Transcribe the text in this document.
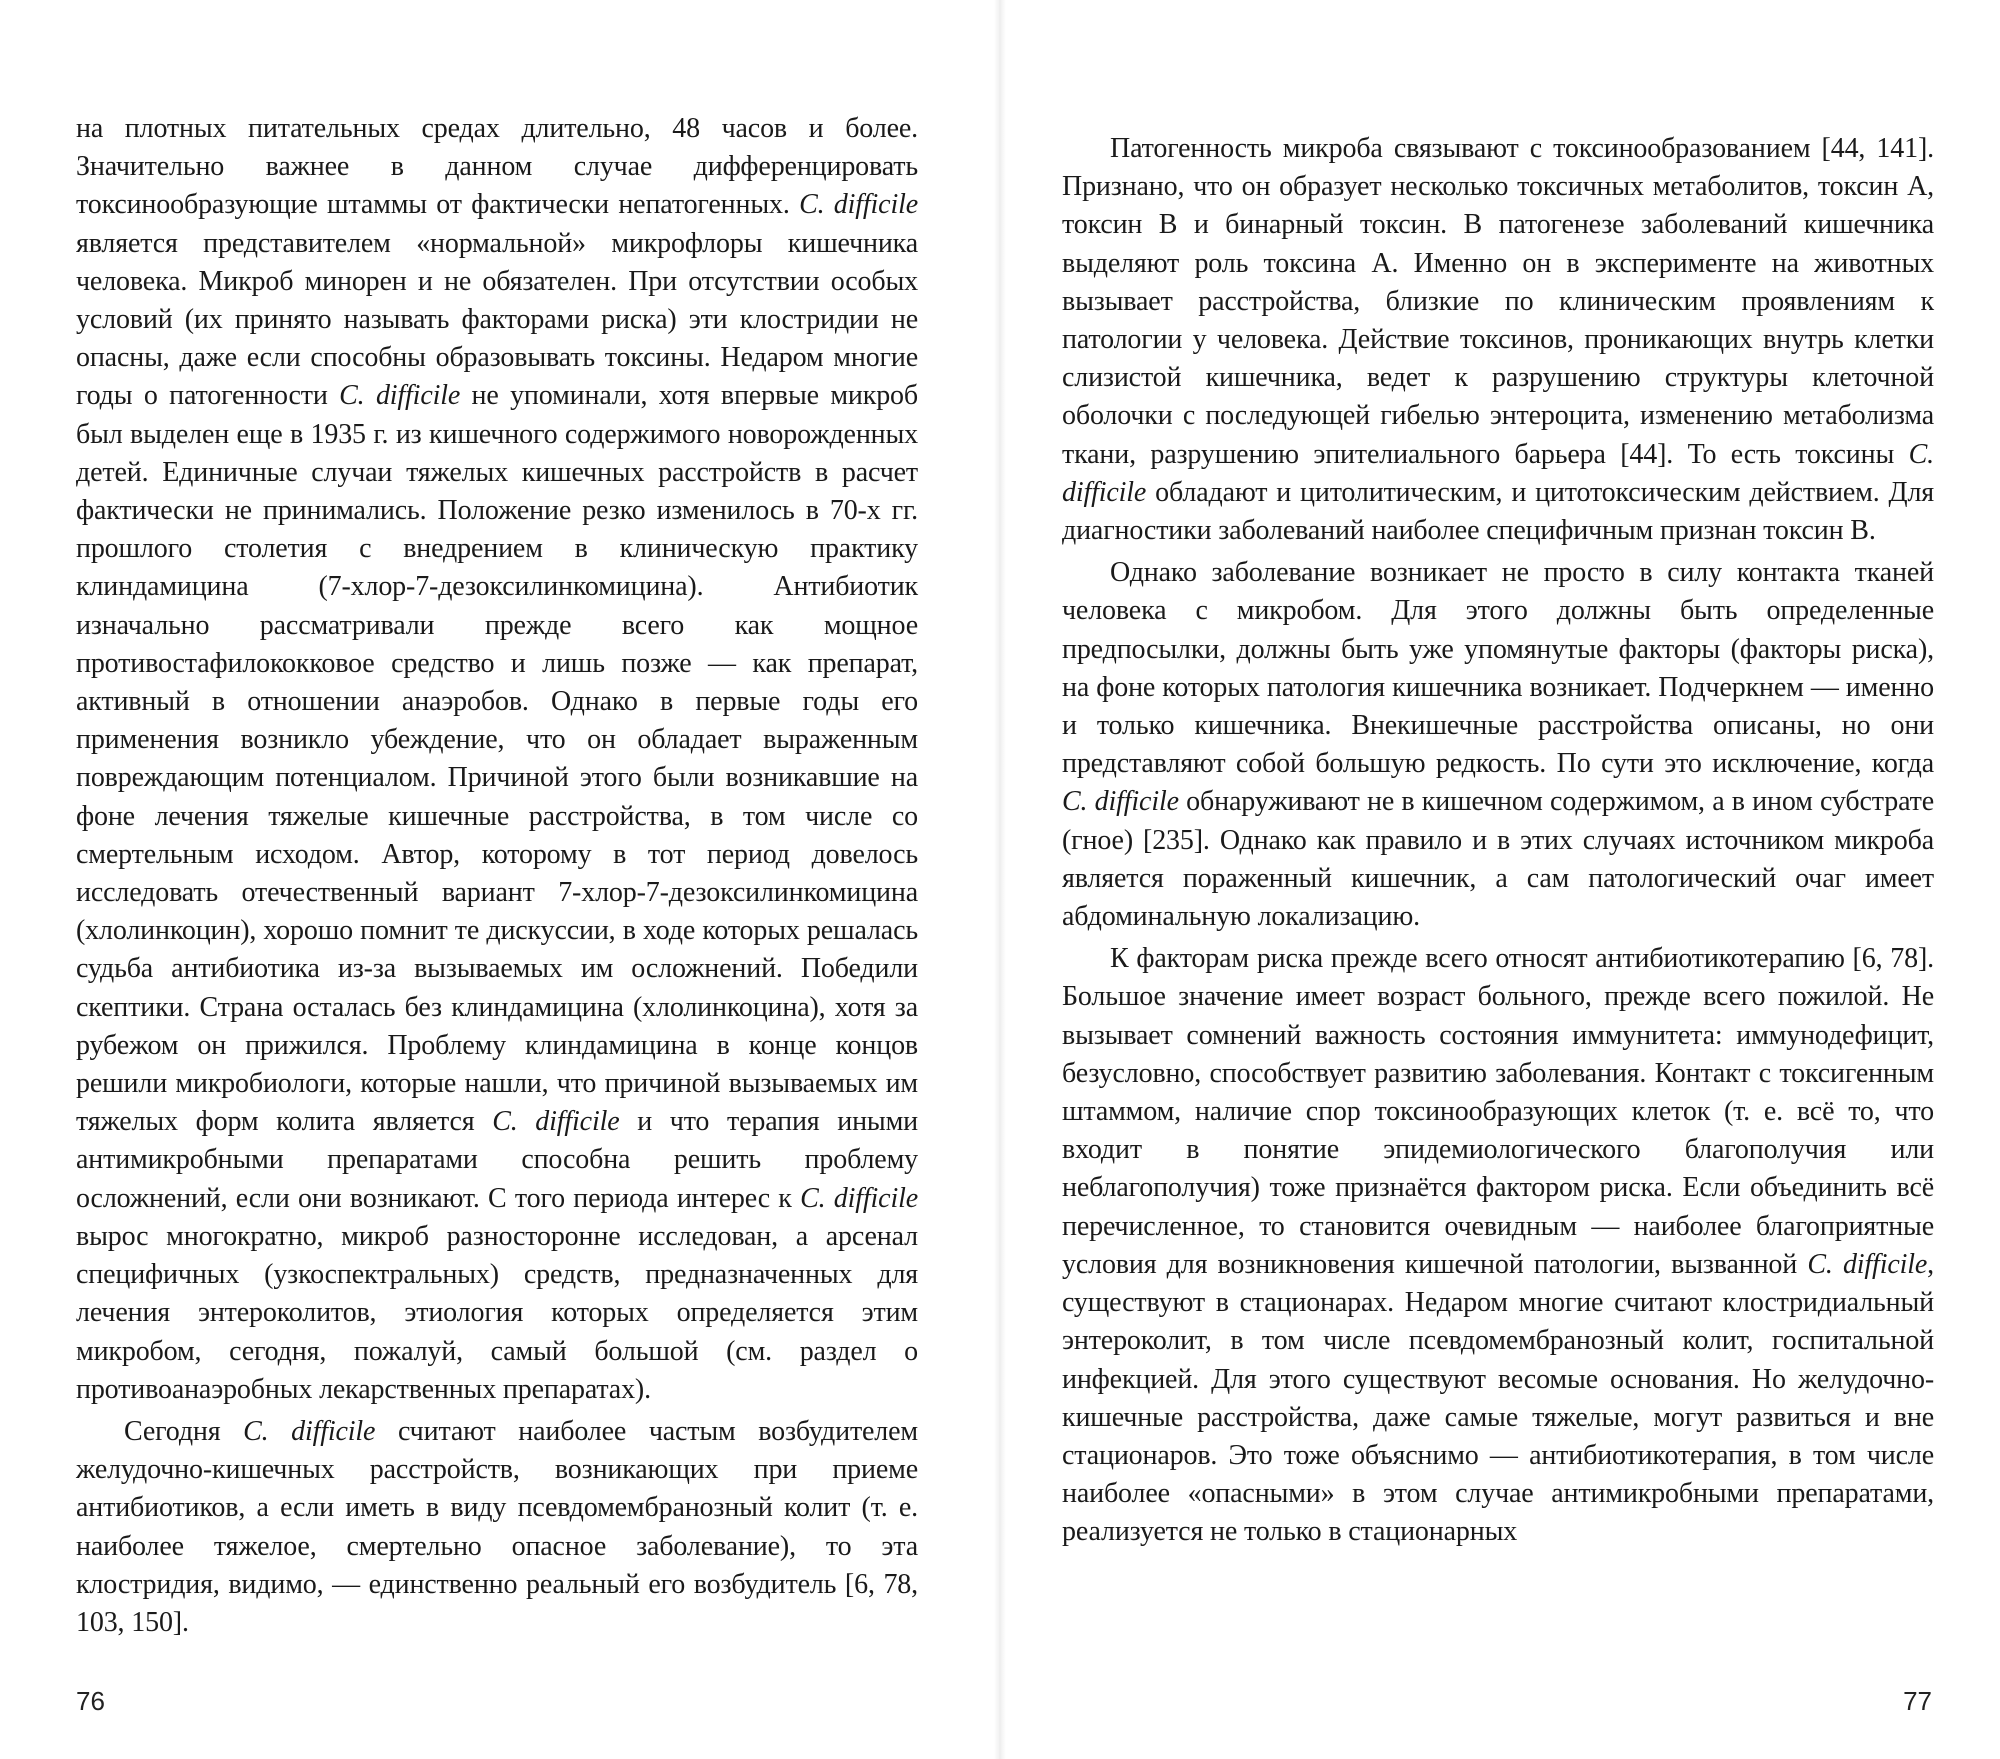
на плотных питательных средах длительно, 48 часов и более. Значительно важнее в данном случае дифференцировать токсинообразующие штаммы от фактически непатогенных. C. difficile является представителем «нормальной» микрофлоры кишечника человека. Микроб минорен и не обязателен. При отсутствии особых условий (их принято называть факторами риска) эти клостридии не опасны, даже если способны образовывать токсины. Недаром многие годы о патогенности C. difficile не упоминали, хотя впервые микроб был выделен еще в 1935 г. из кишечного содержимого новорожденных детей. Единичные случаи тяжелых кишечных расстройств в расчет фактически не принимались. Положение резко изменилось в 70-х гг. прошлого столетия с внедрением в клиническую практику клиндамицина (7-хлор-7-дезоксилинкомицина). Антибиотик изначально рассматривали прежде всего как мощное противостафилококковое средство и лишь позже — как препарат, активный в отношении анаэробов. Однако в первые годы его применения возникло убеждение, что он обладает выраженным повреждающим потенциалом. Причиной этого были возникавшие на фоне лечения тяжелые кишечные расстройства, в том числе со смертельным исходом. Автор, которому в тот период довелось исследовать отечественный вариант 7-хлор-7-дезоксилинкомицина (хлолинкоцин), хорошо помнит те дискуссии, в ходе которых решалась судьба антибиотика из-за вызываемых им осложнений. Победили скептики. Страна осталась без клиндамицина (хлолинкоцина), хотя за рубежом он прижился. Проблему клиндамицина в конце концов решили микробиологи, которые нашли, что причиной вызываемых им тяжелых форм колита является C. difficile и что терапия иными антимикробными препаратами способна решить проблему осложнений, если они возникают. С того периода интерес к C. difficile вырос многократно, микроб разносторонне исследован, а арсенал специфичных (узкоспектральных) средств, предназначенных для лечения энтероколитов, этиология которых определяется этим микробом, сегодня, пожалуй, самый большой (см. раздел о противоанаэробных лекарственных препаратах).

Сегодня C. difficile считают наиболее частым возбудителем желудочно-кишечных расстройств, возникающих при приеме антибиотиков, а если иметь в виду псевдомембранозный колит (т. е. наиболее тяжелое, смертельно опасное заболевание), то эта клостридия, видимо, — единственно реальный его возбудитель [6, 78, 103, 150].

76

Патогенность микроба связывают с токсинообразованием [44, 141]. Признано, что он образует несколько токсичных метаболитов, токсин А, токсин В и бинарный токсин. В патогенезе заболеваний кишечника выделяют роль токсина А. Именно он в эксперименте на животных вызывает расстройства, близкие по клиническим проявлениям к патологии у человека. Действие токсинов, проникающих внутрь клетки слизистой кишечника, ведет к разрушению структуры клеточной оболочки с последующей гибелью энтероцита, изменению метаболизма ткани, разрушению эпителиального барьера [44]. То есть токсины C. difficile обладают и цитолитическим, и цитотоксическим действием. Для диагностики заболеваний наиболее специфичным признан токсин В.

Однако заболевание возникает не просто в силу контакта тканей человека с микробом. Для этого должны быть определенные предпосылки, должны быть уже упомянутые факторы (факторы риска), на фоне которых патология кишечника возникает. Подчеркнем — именно и только кишечника. Внекишечные расстройства описаны, но они представляют собой большую редкость. По сути это исключение, когда C. difficile обнаруживают не в кишечном содержимом, а в ином субстрате (гное) [235]. Однако как правило и в этих случаях источником микроба является пораженный кишечник, а сам патологический очаг имеет абдоминальную локализацию.

К факторам риска прежде всего относят антибиотикотерапию [6, 78]. Большое значение имеет возраст больного, прежде всего пожилой. Не вызывает сомнений важность состояния иммунитета: иммунодефицит, безусловно, способствует развитию заболевания. Контакт с токсигенным штаммом, наличие спор токсинообразующих клеток (т. е. всё то, что входит в понятие эпидемиологического благополучия или неблагополучия) тоже признаётся фактором риска. Если объединить всё перечисленное, то становится очевидным — наиболее благоприятные условия для возникновения кишечной патологии, вызванной C. difficile, существуют в стационарах. Недаром многие считают клостридиальный энтероколит, в том числе псевдомембранозный колит, госпитальной инфекцией. Для этого существуют весомые основания. Но желудочно-кишечные расстройства, даже самые тяжелые, могут развиться и вне стационаров. Это тоже объяснимо — антибиотикотерапия, в том числе наиболее «опасными» в этом случае антимикробными препаратами, реализуется не только в стационарных

77
